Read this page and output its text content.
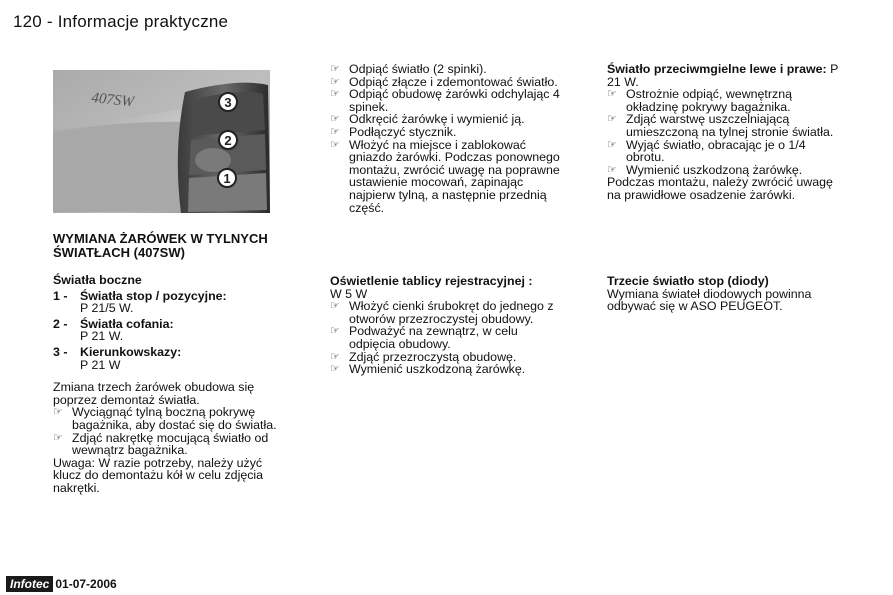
120 - Informacje praktyczne
407SW	3
2
1

WYMIANA ŻARÓWEK W TYLNYCH ŚWIATŁACH (407SW)

Światła boczne

1 -	Światła stop / pozycyjne:

P 21/5 W.

2 -	Światła cofania:

P 21 W.

3 -	Kierunkowskazy:

P 21 W

Zmiana trzech żarówek obudowa się poprzez demontaż światła.

☞ Wyciągnąć tylną boczną pokrywę bagażnika, aby dostać się do światła.

☞ Zdjąć nakrętkę mocującą światło od wewnątrz bagażnika.

Uwaga: W razie potrzeby, należy użyć klucz do demontażu kół w celu zdjęcia nakrętki.

☞ Odpiąć światło (2 spinki).

☞ Odpiąć złącze i zdemontować światło.

☞ Odpiąć obudowę żarówki odchylając 4 spinek.

☞ Odkręcić żarówkę i wymienić ją.

☞ Podłączyć stycznik.

☞ Włożyć na miejsce i zablokować gniazdo żarówki. Podczas ponownego montażu, zwrócić uwagę na poprawne ustawienie mocowań, zapinając najpierw tylną, a następnie przednią część.

Oświetlenie tablicy rejestracyjnej :

W 5 W

☞ Włożyć cienki śrubokręt do jednego z otworów przezroczystej obudowy.

☞ Podważyć na zewnątrz, w celu odpięcia obudowy.

☞ Zdjąć przezroczystą obudowę.

☞ Wymienić uszkodzoną żarówkę.

Światło przeciwmgielne lewe i prawe: P 21 W.

☞ Ostrożnie odpiąć, wewnętrzną okładzinę pokrywy bagażnika.

☞ Zdjąć warstwę uszczelniającą umieszczoną na tylnej stronie światła.

☞ Wyjąć światło, obracając je o 1/4 obrotu.

☞ Wymienić uszkodzoną żarówkę.

Podczas montażu, należy zwrócić uwagę na prawidłowe osadzenie żarówki.

Trzecie światło stop (diody)

Wymiana świateł diodowych powinna odbywać się w ASO PEUGEOT.

Infotec 01-07-2006
